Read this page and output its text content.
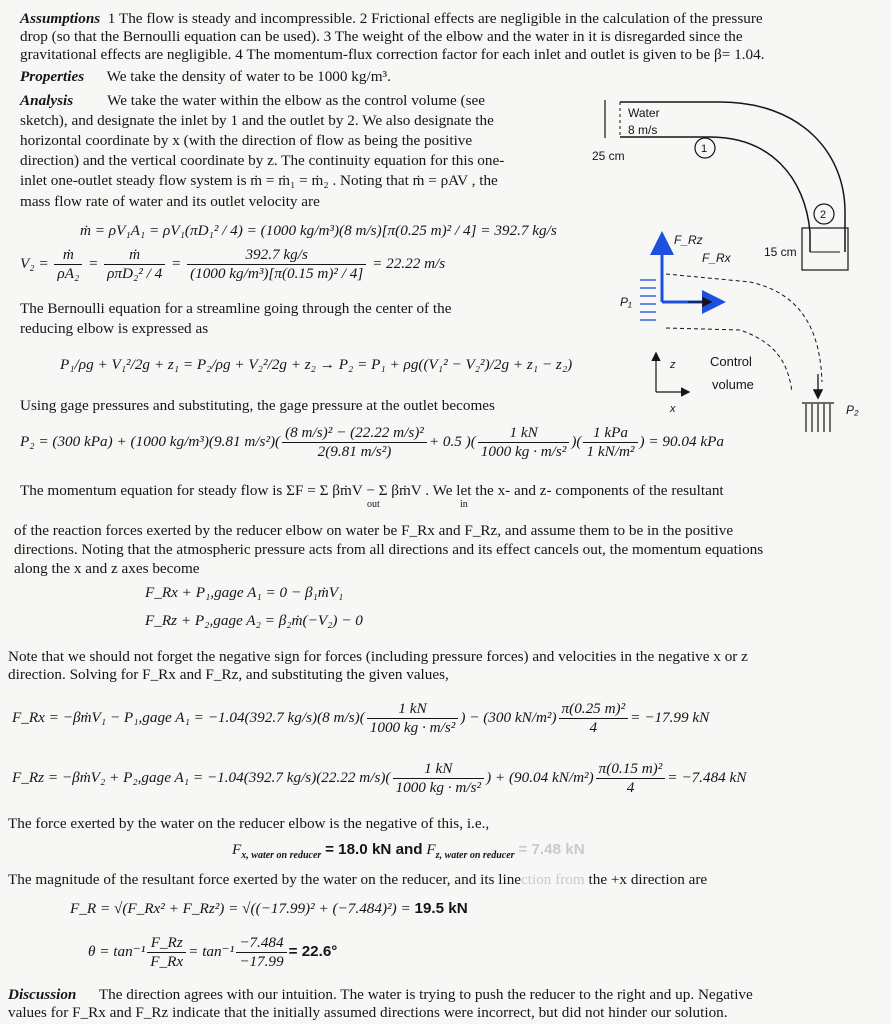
Assumptions 1 The flow is steady and incompressible. 2 Frictional effects are negligible in the calculation of the pressure
drop (so that the Bernoulli equation can be used). 3 The weight of the elbow and the water in it is disregarded since the
gravitational effects are negligible. 4 The momentum-flux correction factor for each inlet and outlet is given to be β= 1.04.
Properties We take the density of water to be 1000 kg/m³.
Analysis We take the water within the elbow as the control volume (see
sketch), and designate the inlet by 1 and the outlet by 2. We also designate the
horizontal coordinate by x (with the direction of flow as being the positive
direction) and the vertical coordinate by z. The continuity equation for this one-
inlet one-outlet steady flow system is ṁ = ṁ₁ = ṁ₂ . Noting that ṁ = ρAV , the
mass flow rate of water and its outlet velocity are
ṁ = ρV₁A₁ = ρV₁(πD₁² / 4) = (1000 kg/m³)(8 m/s)[π(0.25 m)² / 4] = 392.7 kg/s
$V_2 = \frac{\text{ṁ}}{\text{ρA₂}} = \frac{\text{ṁ}}{\text{ρπD₂² / 4}} = \frac{392.7 kg/s}{\text{(1000 kg/m³)[π(0.15 m)² / 4]}} = 22.22$ m/s
The Bernoulli equation for a streamline going through the center of the
reducing elbow is expressed as
P₁/ρg + V₁²/2g + z₁ = P₂/ρg + V₂²/2g + z₂ → P₂ = P₁ + ρg((V₁² − V₂²)/2g + z₁ − z₂)
Using gage pressures and substituting, the gage pressure at the outlet becomes
P₂ = (300 kPa) + (1000 kg/m³)(9.81 $m/s^2)( \frac{\text{(8 m/s)² − (22.22 m/s)²}}{\text{2(9.81 m/s²)}} + 0.5$ )( $\frac{1 kN}{\text{1000 kg · m/s²}}$ )( $\frac{\text{1 kPa}}{\text{1 kN/m²}}$ ) = 90.04 kPa
The momentum equation for steady flow is ΣF = Σ βṁV − Σ βṁV . We let the x- and z- components of the resultant
out	in
of the reaction forces exerted by the reducer elbow on water be F_Rx and F_Rz, and assume them to be in the positive
directions. Noting that the atmospheric pressure acts from all directions and its effect cancels out, the momentum equations
along the x and z axes become
F_Rx + P₁,gage A₁ = 0 − β₁ṁV₁
F_Rz + P₂,gage A₂ = β₂ṁ(−V₂) − 0
Note that we should not forget the negative sign for forces (including pressure forces) and velocities in the negative x or z
direction. Solving for F_Rx and F_Rz, and substituting the given values,
F_Rx = −βṁV₁ − P₁,gage A₁ = −1.04(392.7 kg/s)(8 $m/s)( \frac{1 kN}{\text{1000 kg · m/s²}}$ ) − (300 $kN/m^2) \frac{\text{π(0.25 m)²}}{4} = -17.99$ kN
F_Rz = −βṁV₂ + P₂,gage A₁ = −1.04(392.7 kg/s)(22.22 $m/s)( \frac{1 kN}{\text{1000 kg · m/s²}}$ ) + (90.04 $kN/m^2) \frac{\text{π(0.15 m)²}}{4} = -7.484$ kN
The force exerted by the water on the reducer elbow is the negative of this, i.e.,
$F_{x, water on reducer} = 18.0$ kN and $F_{z, water on reducer} = 7.48$ kN
The magnitude of the resultant force exerted by the water on the reducer, and its linection from the +x direction are
F_R = √(F_Rx² + F_Rz²) = √((−17.99)² + (−7.484)²) = 19.5 kN
$\theta = \tan^{-1} \frac{F\_Rz}{F\_Rx} = \tan^{-1} \frac{-7.484}{-17.99} = 22.6^\circ$
Discussion The direction agrees with our intuition. The water is trying to push the reducer to the right and up. Negative
values for F_Rx and F_Rz indicate that the initially assumed directions were incorrect, but did not hinder our solution.
25 cm
Water
8 m/s
1
2
15 cm
F_Rz
F_Rx
P₁
z
x
Control
volume
P₂
